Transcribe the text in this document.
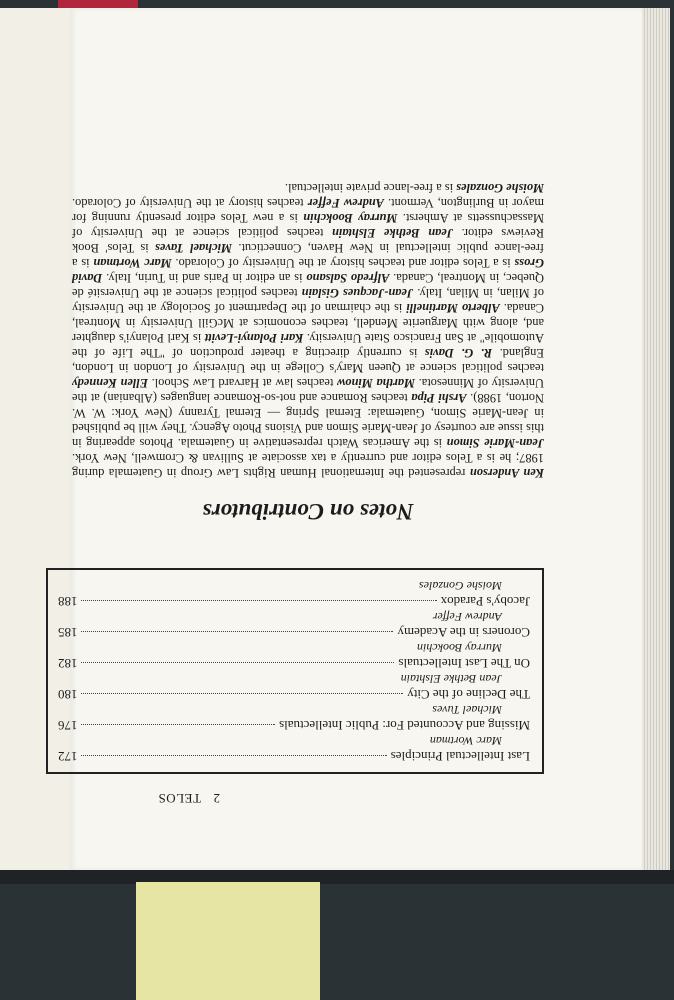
2
TELOS
Last Intellectual Principles
172
Marc Wortman
Missing and Accounted For: Public Intellectuals
176
Michael Tuves
The Decline of the City
180
Jean Bethke Elshtain
On The Last Intellectuals
182
Murray Bookchin
Coroners in the Academy
185
Andrew Feffer
Jacoby's Paradox
188
Moishe Gonzales
Notes on Contributors

Ken Anderson represented the International Human Rights Law Group in Guatemala during 1987; he is a Telos editor and currently a tax associate at Sullivan & Cromwell, New York. Jean-Marie Simon is the Americas Watch representative in Guatemala. Photos appearing in this issue are courtesy of Jean-Marie Simon and Visions Photo Agency. They will be published in Jean-Marie Simon, Guatemala: Eternal Spring — Eternal Tyranny (New York: W. W. Norton, 1988). Arshi Pipa teaches Romance and not-so-Romance languages (Albanian) at the University of Minnesota. Martha Minow teaches law at Harvard Law School. Ellen Kennedy teaches political science at Queen Mary's College in the University of London in London, England. R. G. Davis is currently directing a theater production of "The Life of the Automobile" at San Francisco State University. Kari Polanyi-Levitt is Karl Polanyi's daughter and, along with Marguerite Mendell, teaches economics at McGill University in Montreal, Canada. Alberto Martinelli is the chairman of the Department of Sociology at the University of Milan, in Milan, Italy. Jean-Jacques Gislain teaches political science at the Université de Quebec, in Montreal, Canada. Alfredo Salsano is an editor in Paris and in Turin, Italy. David Gross is a Telos editor and teaches history at the University of Colorado. Marc Wortman is a free-lance public intellectual in New Haven, Connecticut. Michael Taves is Telos' Book Reviews editor. Jean Bethke Elshtain teaches political science at the University of Massachussetts at Amherst. Murray Bookchin is a new Telos editor presently running for mayor in Burlington, Vermont. Andrew Feffer teaches history at the University of Colorado. Moishe Gonzales is a free-lance private intellectual.
